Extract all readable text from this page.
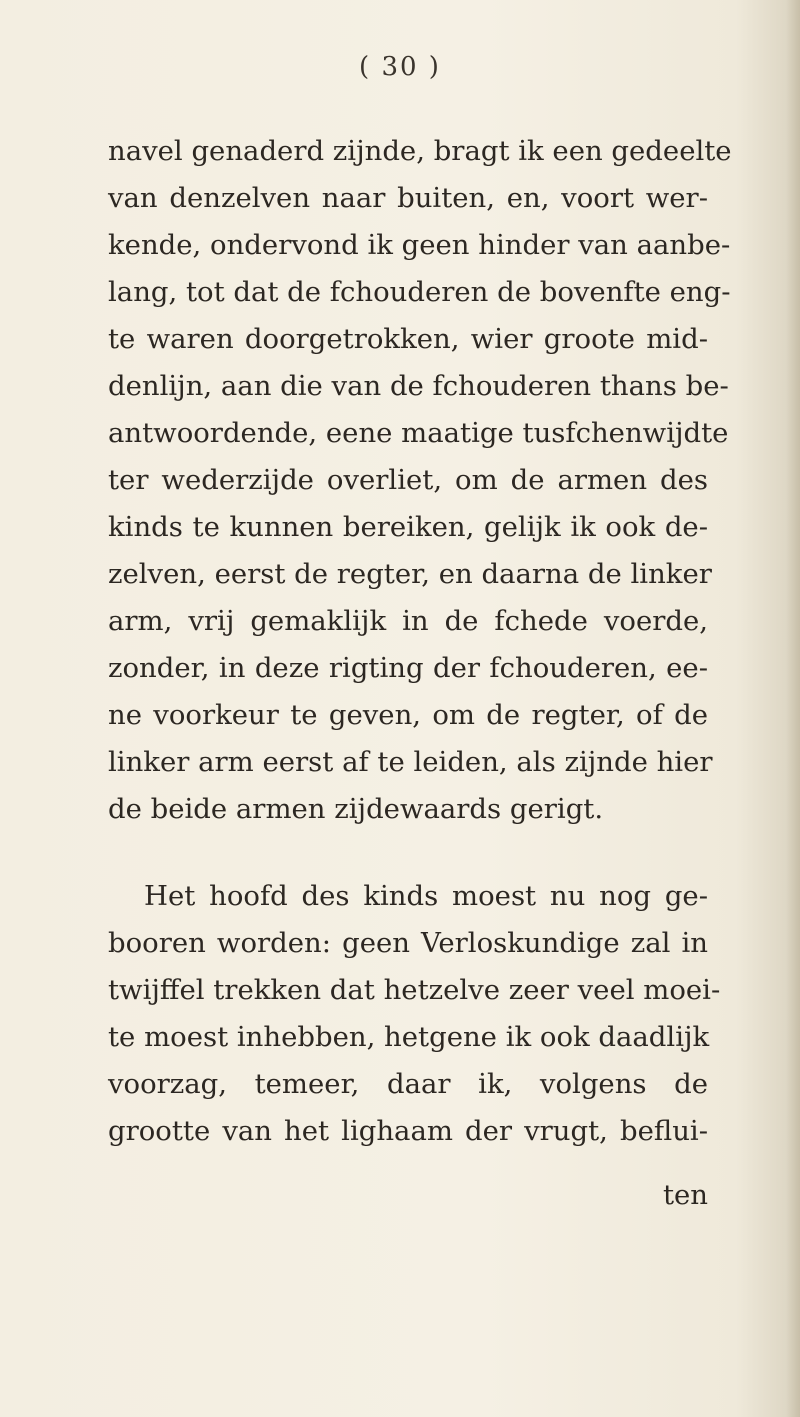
( 30 )
navel genaderd zijnde, bragt ik een gedeelte
van denzelven naar buiten, en, voort wer-
kende, ondervond ik geen hinder van aanbe-
lang, tot dat de fchouderen de bovenfte eng-
te waren doorgetrokken, wier groote mid-
denlijn, aan die van de fchouderen thans be-
antwoordende, eene maatige tusfchenwijdte
ter wederzijde overliet, om de armen des
kinds te kunnen bereiken, gelijk ik ook de-
zelven, eerst de regter, en daarna de linker
arm, vrij gemaklijk in de fchede voerde,
zonder, in deze rigting der fchouderen, ee-
ne voorkeur te geven, om de regter, of de
linker arm eerst af te leiden, als zijnde hier
de beide armen zijdewaards gerigt.
Het hoofd des kinds moest nu nog ge-
booren worden: geen Verloskundige zal in
twijffel trekken dat hetzelve zeer veel moei-
te moest inhebben, hetgene ik ook daadlijk
voorzag, temeer, daar ik, volgens de
grootte van het lighaam der vrugt, beflui-
ten
